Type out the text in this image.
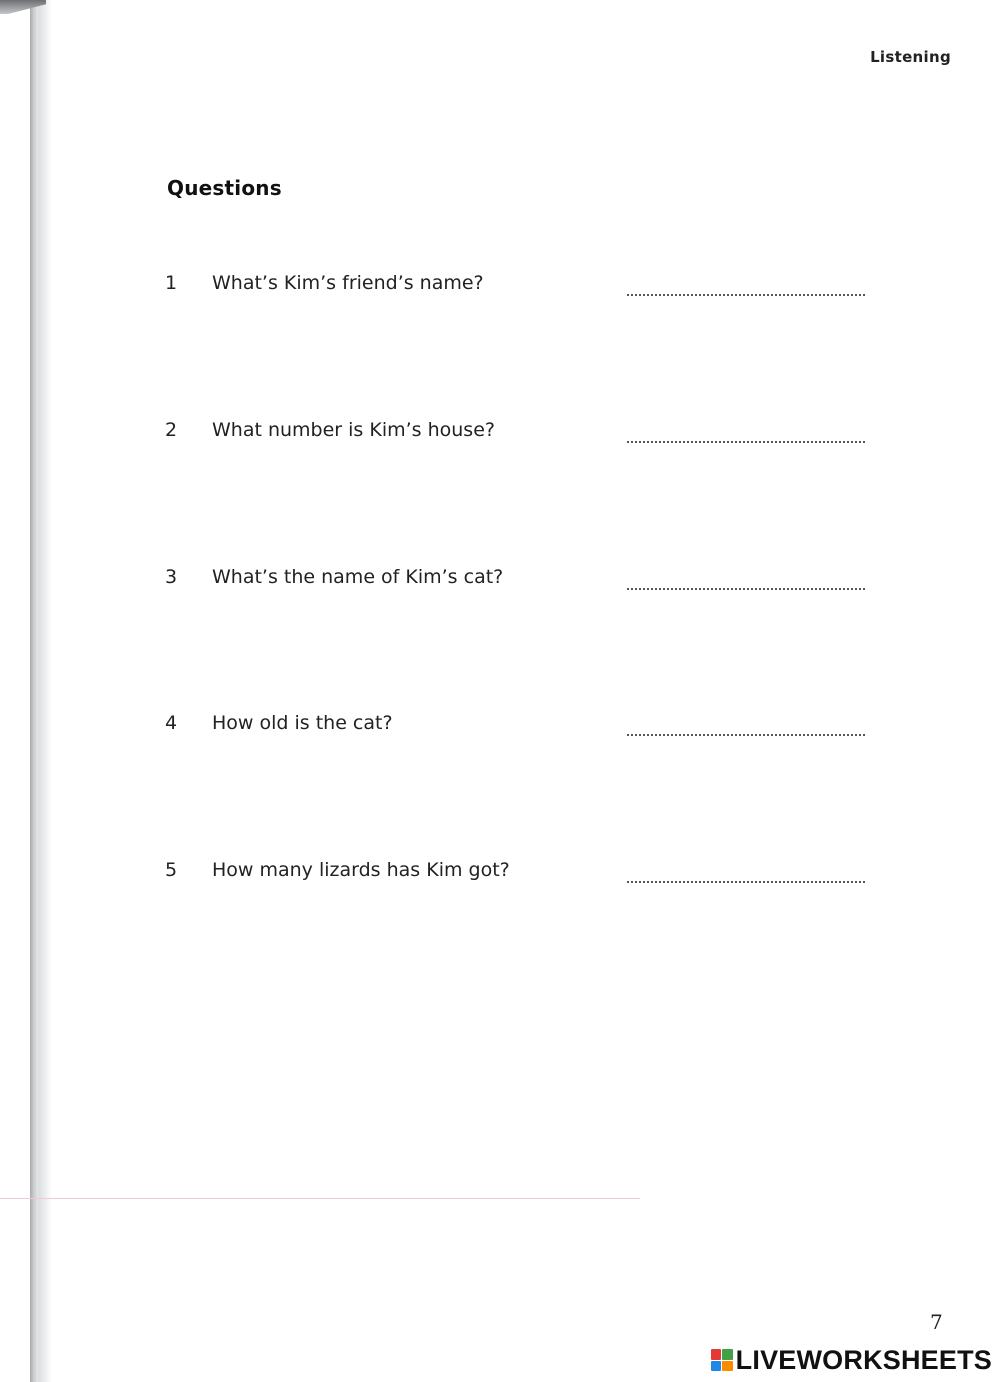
Listening
Questions
1 What’s Kim’s friend’s name?
2 What number is Kim’s house?
3 What’s the name of Kim’s cat?
4 How old is the cat?
5 How many lizards has Kim got?
7
LIVEWORKSHEETS
